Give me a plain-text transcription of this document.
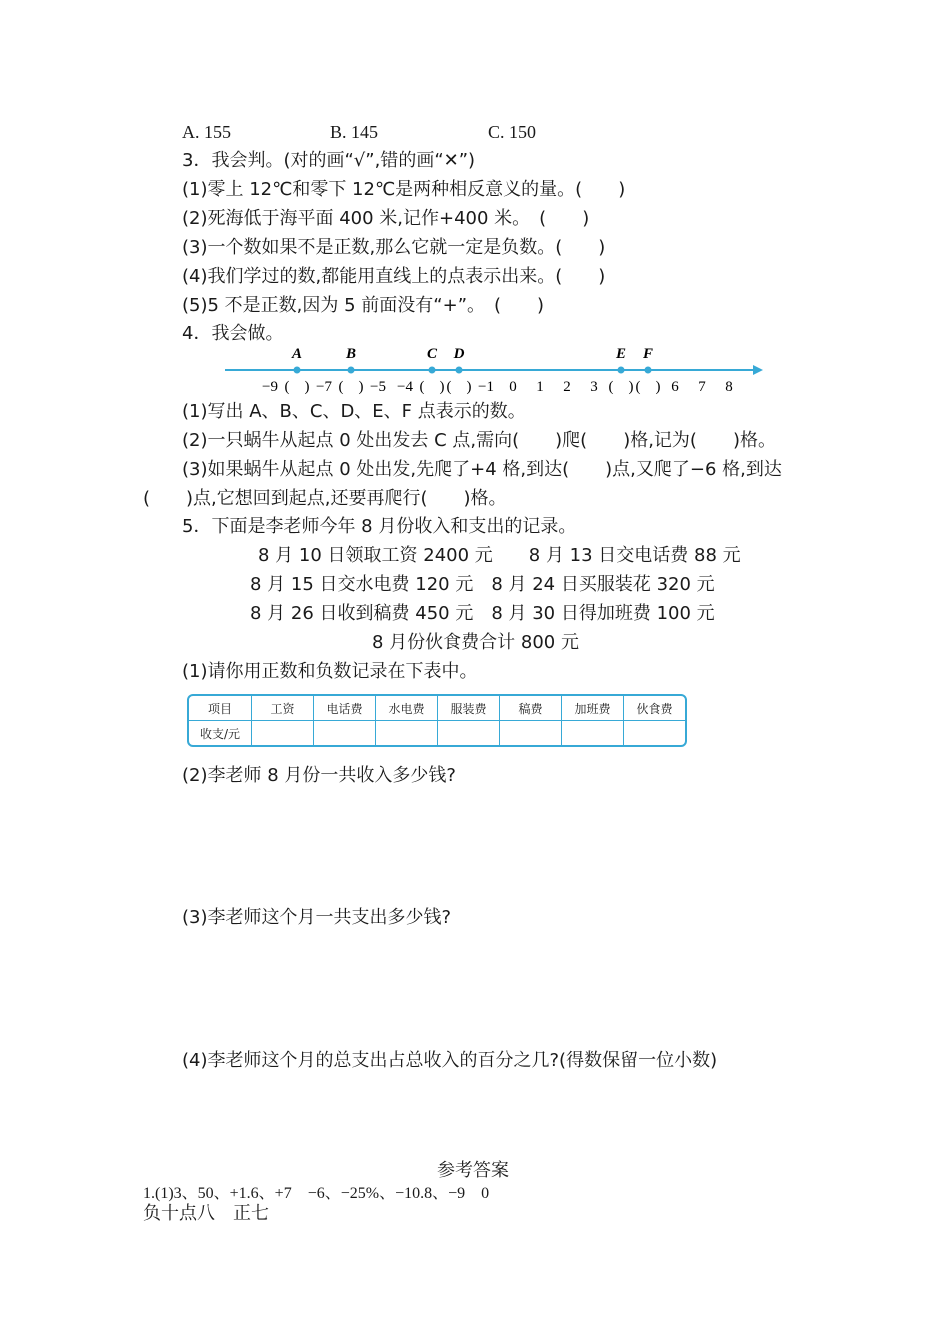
A. 155	B. 145	C. 150
3．我会判。(对的画“√”,错的画“✕”)
(1)零上 12℃和零下 12℃是两种相反意义的量。(　　)
(2)死海低于海平面 400 米,记作+400 米。　(　　)
(3)一个数如果不是正数,那么它就一定是负数。(　　)
(4)我们学过的数,都能用直线上的点表示出来。(　　)
(5)5 不是正数,因为 5 前面没有“+”。　(　　)
4．我会做。
A	B	C D	E F
−9 (　) −7 (　) −5 −4 (　) (　) −1 0 1 2 3 (　) (　) 6 7 8
(1)写出 A、B、C、D、E、F 点表示的数。
(2)一只蜗牛从起点 0 处出发去 C 点,需向(　　)爬(　　)格,记为(　　)格。
(3)如果蜗牛从起点 0 处出发,先爬了+4 格,到达(　　)点,又爬了−6 格,到达
(　　)点,它想回到起点,还要再爬行(　　)格。
5．下面是李老师今年 8 月份收入和支出的记录。
8 月 10 日领取工资 2400 元　　8 月 13 日交电话费 88 元
8 月 15 日交水电费 120 元　8 月 24 日买服装花 320 元
8 月 26 日收到稿费 450 元　8 月 30 日得加班费 100 元
8 月份伙食费合计 800 元
(1)请你用正数和负数记录在下表中。
项目	工资	电话费	水电费	服装费	稿费	加班费	伙食费
收支/元							
(2)李老师 8 月份一共收入多少钱?
(3)李老师这个月一共支出多少钱?
(4)李老师这个月的总支出占总收入的百分之几?(得数保留一位小数)
参考答案
1.(1)3、50、+1.6、+7　−6、−25%、−10.8、−9　0
负十点八　正七
